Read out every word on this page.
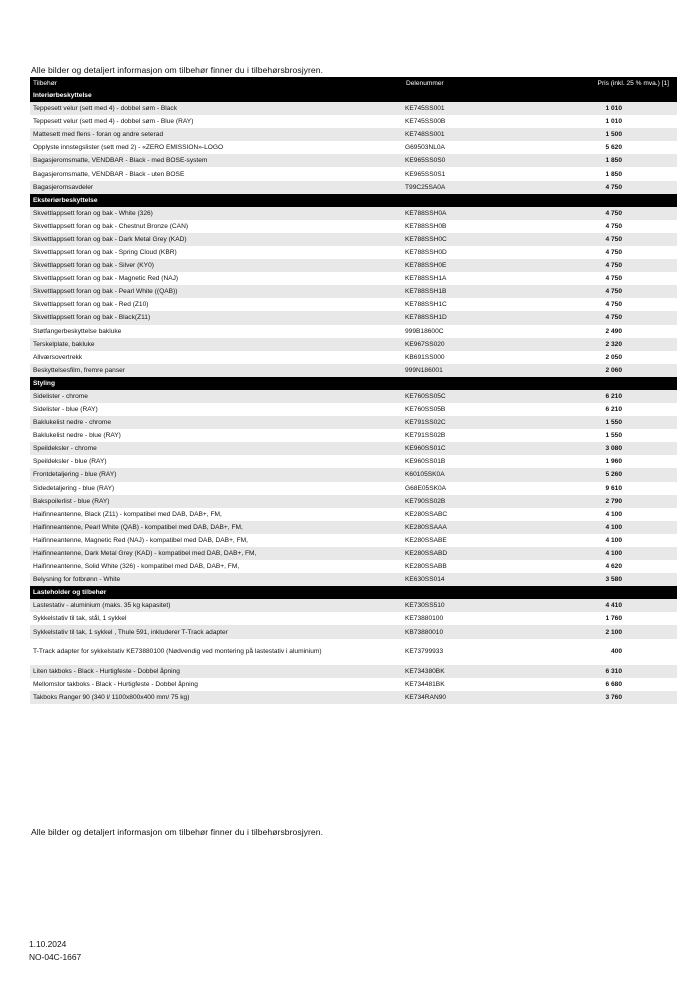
Alle bilder og detaljert informasjon om tilbehør finner du i tilbehørsbrosjyren.
Tilbehør	Delenummer	Pris (inkl. 25 % mva.) [1]
Interiørbeskyttelse		
Teppesett velur (sett med 4) - dobbel søm - Black	KE745SS001	1 010
Teppesett velur (sett med 4) - dobbel søm - Blue (RAY)	KE745SS00B	1 010
Mattesett med flens - foran og andre seterad	KE748SS001	1 500
Opplyste innstegslister (sett med 2) - «ZERO EMISSION»-LOGO	G69503NL0A	5 620
Bagasjeromsmatte, VENDBAR - Black - med BOSE-system	KE965SS0S0	1 850
Bagasjeromsmatte, VENDBAR - Black - uten BOSE	KE965SS0S1	1 850
Bagasjeromsavdeler	T99C25SA0A	4 750
Eksteriørbeskyttelse		
Skvettlappsett foran og bak - White (326)	KE788SSH0A	4 750
Skvettlappsett foran og bak - Chestnut Bronze (CAN)	KE788SSH0B	4 750
Skvettlappsett foran og bak - Dark Metal Grey (KAD)	KE788SSH0C	4 750
Skvettlappsett foran og bak - Spring Cloud (KBR)	KE788SSH0D	4 750
Skvettlappsett foran og bak - Silver (KY0)	KE788SSH0E	4 750
Skvettlappsett foran og bak - Magnetic Red (NAJ)	KE788SSH1A	4 750
Skvettlappsett foran og bak - Pearl White ((QAB))	KE788SSH1B	4 750
Skvettlappsett foran og bak - Red (Z10)	KE788SSH1C	4 750
Skvettlappsett foran og bak - Black(Z11)	KE788SSH1D	4 750
Støtfangerbeskyttelse bakluke	999B18600C	2 490
Terskelplate, bakluke	KE967SS020	2 320
Allværsovertrekk	KB691SS000	2 050
Beskyttelsesfilm, fremre panser	999N186001	2 060
Styling		
Sidelister - chrome	KE760SS05C	6 210
Sidelister - blue (RAY)	KE760SS05B	6 210
Baklukelist nedre - chrome	KE791SS02C	1 550
Baklukelist nedre - blue (RAY)	KE791SS02B	1 550
Speildeksler - chrome	KE960SS01C	3 080
Speildeksler - blue (RAY)	KE960SS01B	1 960
Frontdetaljering - blue (RAY)	K60105SK0A	5 260
Sidedetaljering - blue (RAY)	G68E05SK0A	9 610
Bakspoilerlist - blue (RAY)	KE790SS02B	2 790
Haifinneantenne, Black (Z11) - kompatibel med DAB, DAB+, FM,	KE280SSABC	4 100
Haifinneantenne, Pearl White (QAB) - kompatibel med DAB, DAB+, FM,	KE280SSAAA	4 100
Haifinneantenne, Magnetic Red (NAJ) - kompatibel med DAB, DAB+, FM,	KE280SSABE	4 100
Haifinneantenne, Dark Metal Grey (KAD) - kompatibel med DAB, DAB+, FM,	KE280SSABD	4 100
Haifinneantenne, Solid White (326) - kompatibel med DAB, DAB+, FM,	KE280SSABB	4 620
Belysning for fotbrønn - White	KE630SS014	3 580
Lasteholder og tilbehør		
Lastestativ - aluminium (maks. 35 kg kapasitet)	KE730SS510	4 410
Sykkelstativ til tak, stål, 1 sykkel	KE73880100	1 760
Sykkelstativ til tak, 1 sykkel , Thule 591, inkluderer T-Track adapter	KB73880010	2 100
T-Track adapter for sykkelstativ KE73880100 (Nødvendig ved montering på lastestativ i aluminium)	KE73799933	400
Liten takboks - Black - Hurtigfeste - Dobbel åpning	KE734380BK	6 310
Mellomstor takboks - Black - Hurtigfeste - Dobbel åpning	KE734481BK	6 680
Takboks Ranger 90 (340 l/ 1100x800x400 mm/ 75 kg)	KE734RAN90	3 760
Alle bilder og detaljert informasjon om tilbehør finner du i tilbehørsbrosjyren.
1.10.2024
NO-04C-1667
